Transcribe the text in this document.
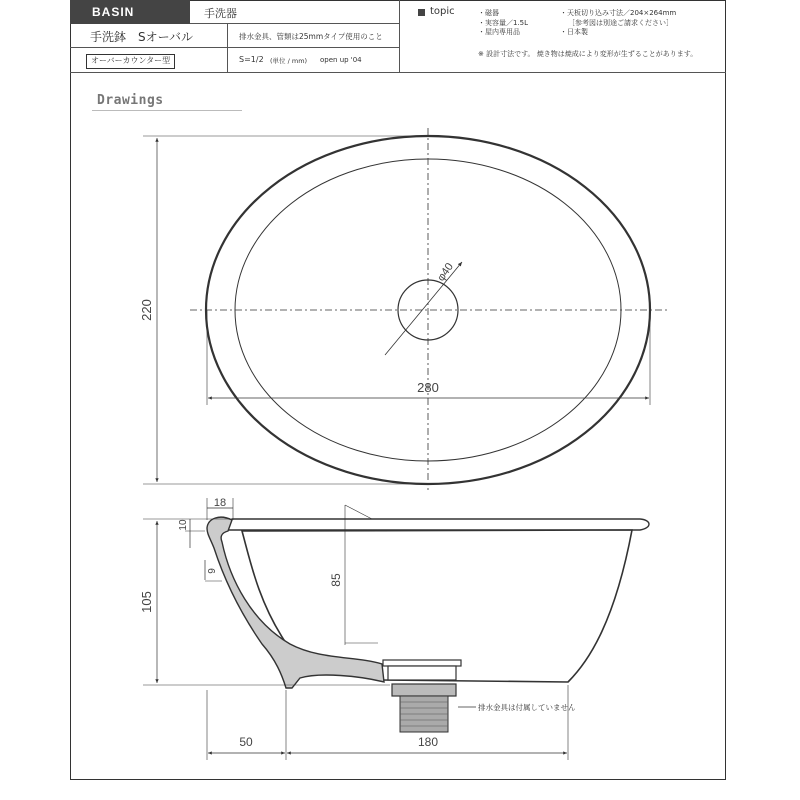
BASIN	手洗器
手洗鉢　Sオーバル	排水金具、管類は25mmタイプ使用のこと
オーバーカウンター型	S=1/2 (単位 / mm) open up '04
topic	・磁器
・実容量／1.5L
・屋内専用品
・天板切り込み寸法／204×264mm
［参考図は別途ご請求ください］
・日本製
※ 設計寸法です。 焼き物は焼成により変形が生ずることがあります。
Drawings
220
280
φ40
105
85
18
10
9
50	180
排水金具は付属していません
